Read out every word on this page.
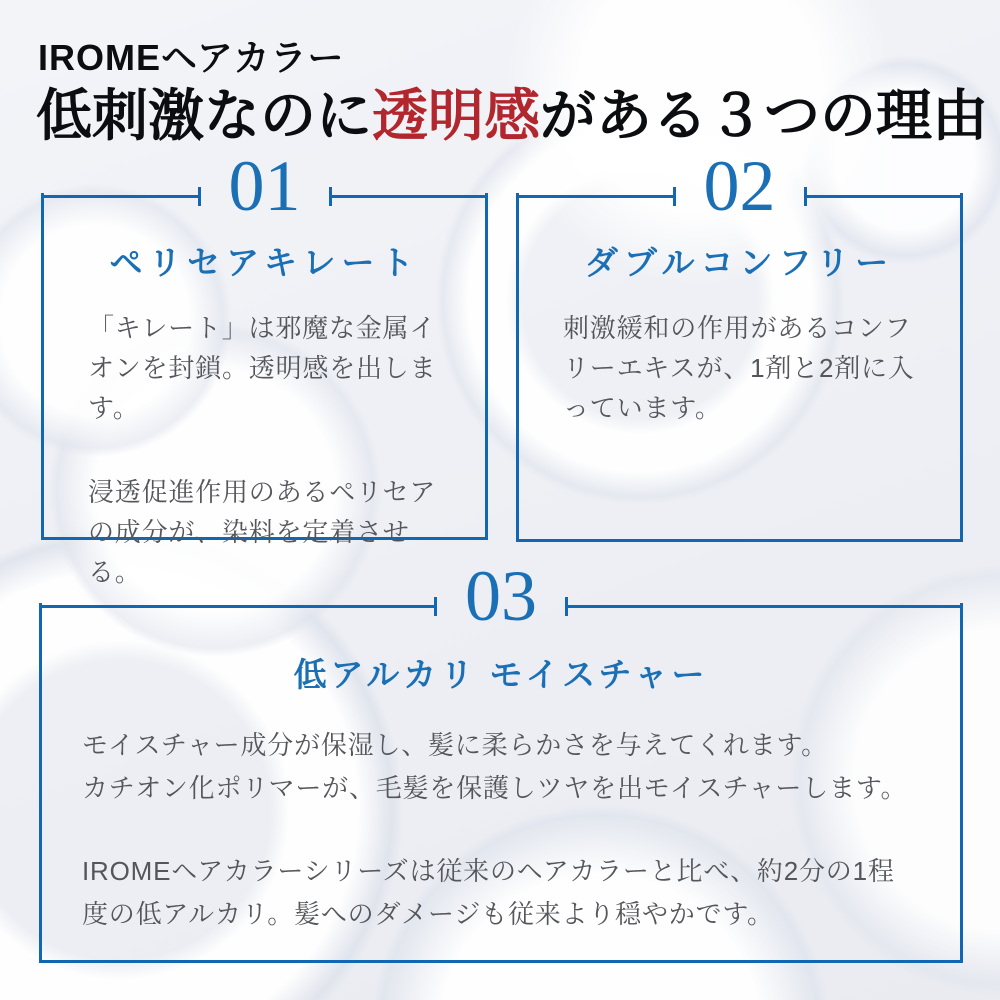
IROMEヘアカラー
低刺激なのに透明感がある３つの理由
01
ペリセアキレート

「キレート」は邪魔な金属イオンを封鎖。透明感を出します。

浸透促進作用のあるペリセアの成分が、染料を定着させる。

02
ダブルコンフリー

刺激緩和の作用があるコンフリーエキスが、1剤と2剤に入っています。

03
低アルカリ モイスチャー

モイスチャー成分が保湿し、髪に柔らかさを与えてくれます。

カチオン化ポリマーが、毛髪を保護しツヤを出モイスチャーします。

IROMEヘアカラーシリーズは従来のヘアカラーと比べ、約2分の1程度の低アルカリ。髪へのダメージも従来より穏やかです。
